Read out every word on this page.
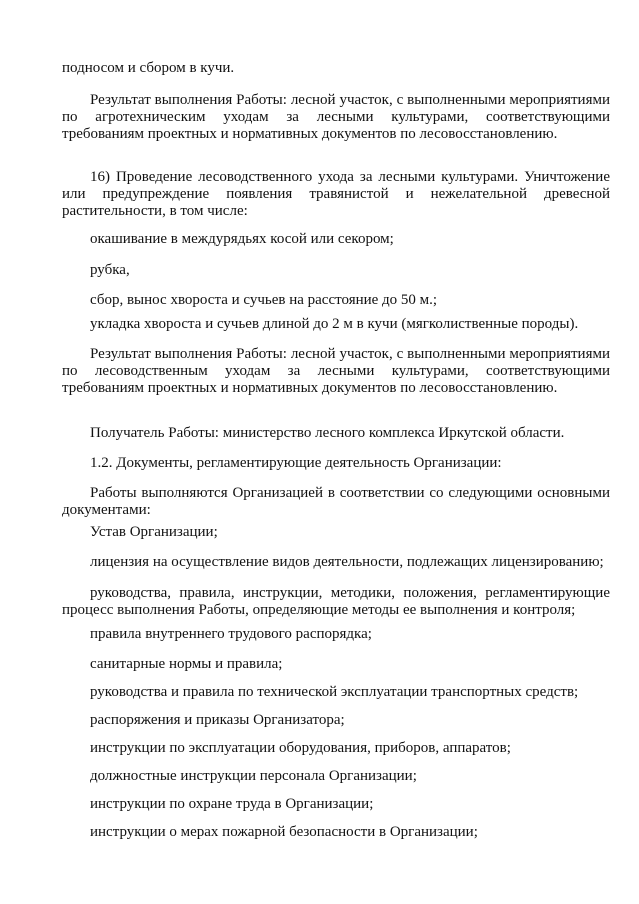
подносом и сбором в кучи.

Результат выполнения Работы: лесной участок, с выполненными мероприятиями по агротехническим уходам за лесными культурами, соответствующими требованиям проектных и нормативных документов по лесовосстановлению.

16) Проведение лесоводственного ухода за лесными культурами. Уничтожение или предупреждение появления травянистой и нежелательной древесной растительности, в том числе:

окашивание в междурядьях косой или секором;

рубка,

сбор, вынос хвороста и сучьев на расстояние до 50 м.;

укладка хвороста и сучьев длиной до 2 м в кучи (мягколиственные породы).

Результат выполнения Работы: лесной участок, с выполненными мероприятиями по лесоводственным уходам за лесными культурами, соответствующими требованиям проектных и нормативных документов по лесовосстановлению.

Получатель Работы: министерство лесного комплекса Иркутской области.

1.2. Документы, регламентирующие деятельность Организации:

Работы выполняются Организацией в соответствии со следующими основными документами:

Устав Организации;

лицензия на осуществление видов деятельности, подлежащих лицензированию;

руководства, правила, инструкции, методики, положения, регламентирующие процесс выполнения Работы, определяющие методы ее выполнения и контроля;

правила внутреннего трудового распорядка;

санитарные нормы и правила;

руководства и правила по технической эксплуатации транспортных средств;

распоряжения и приказы Организатора;

инструкции по эксплуатации оборудования, приборов, аппаратов;

должностные инструкции персонала Организации;

инструкции по охране труда в Организации;

инструкции о мерах пожарной безопасности в Организации;
